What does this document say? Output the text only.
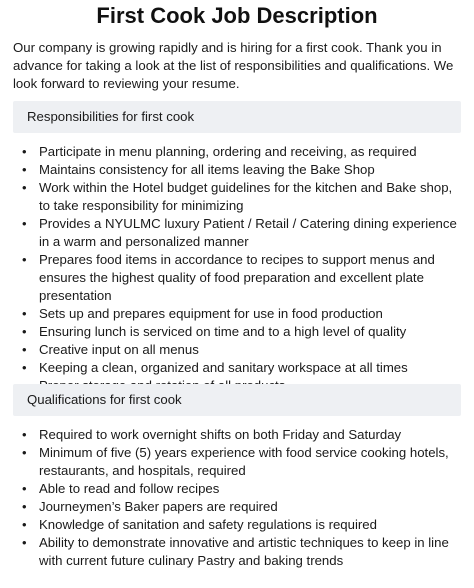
First Cook Job Description

Our company is growing rapidly and is hiring for a first cook. Thank you in advance for taking a look at the list of responsibilities and qualifications. We look forward to reviewing your resume.

Responsibilities for first cook
• Participate in menu planning, ordering and receiving, as required
• Maintains consistency for all items leaving the Bake Shop
• Work within the Hotel budget guidelines for the kitchen and Bake shop, to take responsibility for minimizing
• Provides a NYULMC luxury Patient / Retail / Catering dining experience in a warm and personalized manner
• Prepares food items in accordance to recipes to support menus and ensures the highest quality of food preparation and excellent plate presentation
• Sets up and prepares equipment for use in food production
• Ensuring lunch is serviced on time and to a high level of quality
• Creative input on all menus
• Keeping a clean, organized and sanitary workspace at all times
•
Qualifications for first cook
• Required to work overnight shifts on both Friday and Saturday
• Minimum of five (5) years experience with food service cooking hotels, restaurants, and hospitals, required
• Able to read and follow recipes
• Journeymen’s Baker papers are required
• Knowledge of sanitation and safety regulations is required
• Ability to demonstrate innovative and artistic techniques to keep in line with current future culinary Pastry and baking trends
